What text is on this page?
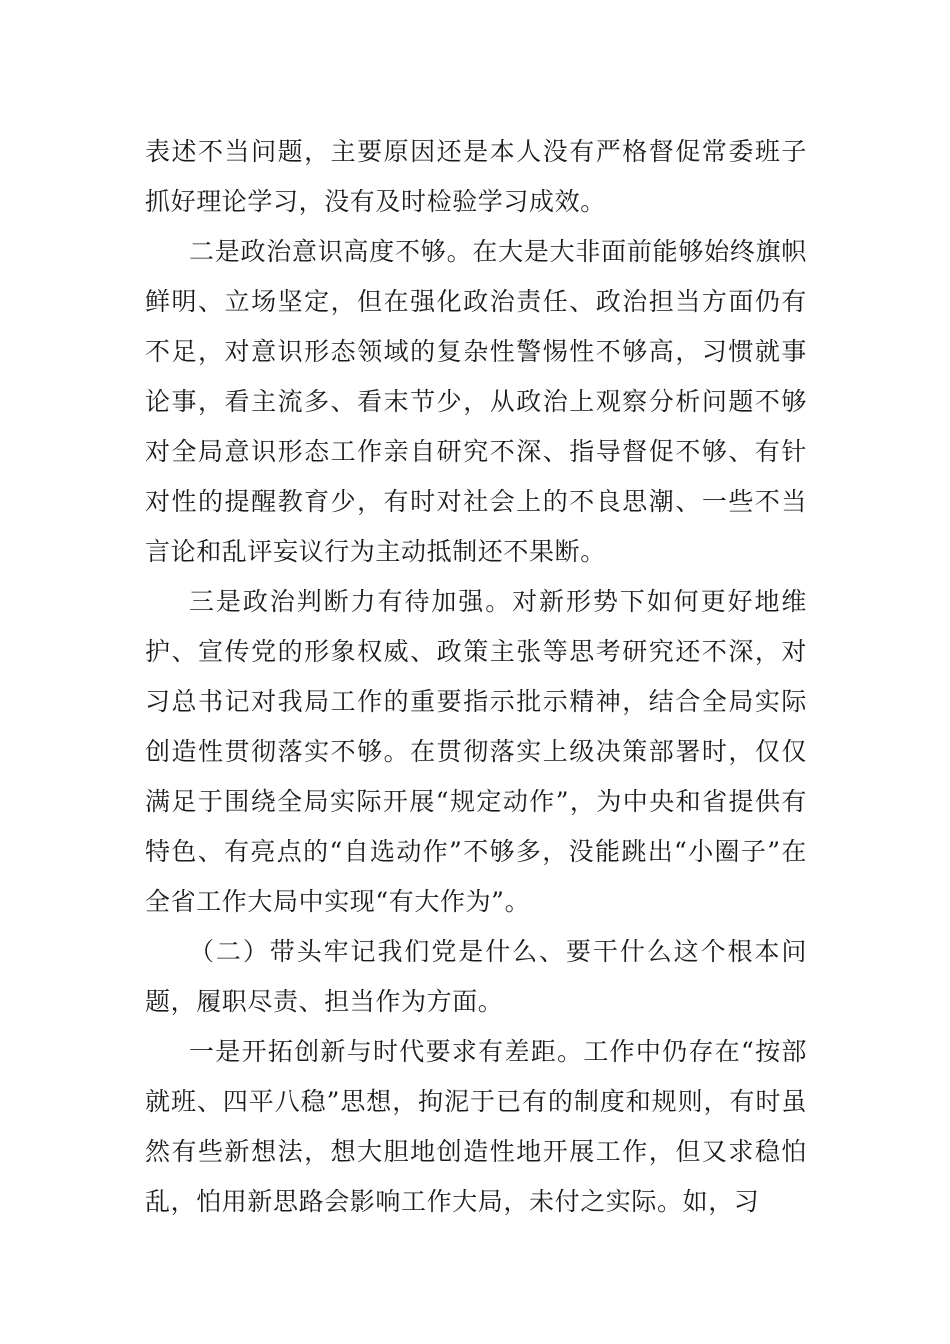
表述不当问题，主要原因还是本人没有严格督促常委班子抓好理论学习，没有及时检验学习成效。

二是政治意识高度不够。在大是大非面前能够始终旗帜鲜明、立场坚定，但在强化政治责任、政治担当方面仍有不足，对意识形态领域的复杂性警惕性不够高，习惯就事论事，看主流多、看末节少，从政治上观察分析问题不够对全局意识形态工作亲自研究不深、指导督促不够、有针对性的提醒教育少，有时对社会上的不良思潮、一些不当言论和乱评妄议行为主动抵制还不果断。

三是政治判断力有待加强。对新形势下如何更好地维护、宣传党的形象权威、政策主张等思考研究还不深，对习总书记对我局工作的重要指示批示精神，结合全局实际创造性贯彻落实不够。在贯彻落实上级决策部署时，仅仅满足于围绕全局实际开展“规定动作”，为中央和省提供有特色、有亮点的“自选动作”不够多，没能跳出“小圈子”在全省工作大局中实现“有大作为”。

（二）带头牢记我们党是什么、要干什么这个根本问题，履职尽责、担当作为方面。

一是开拓创新与时代要求有差距。工作中仍存在“按部就班、四平八稳”思想，拘泥于已有的制度和规则，有时虽然有些新想法，想大胆地创造性地开展工作，但又求稳怕乱，怕用新思路会影响工作大局，未付之实际。如，习
